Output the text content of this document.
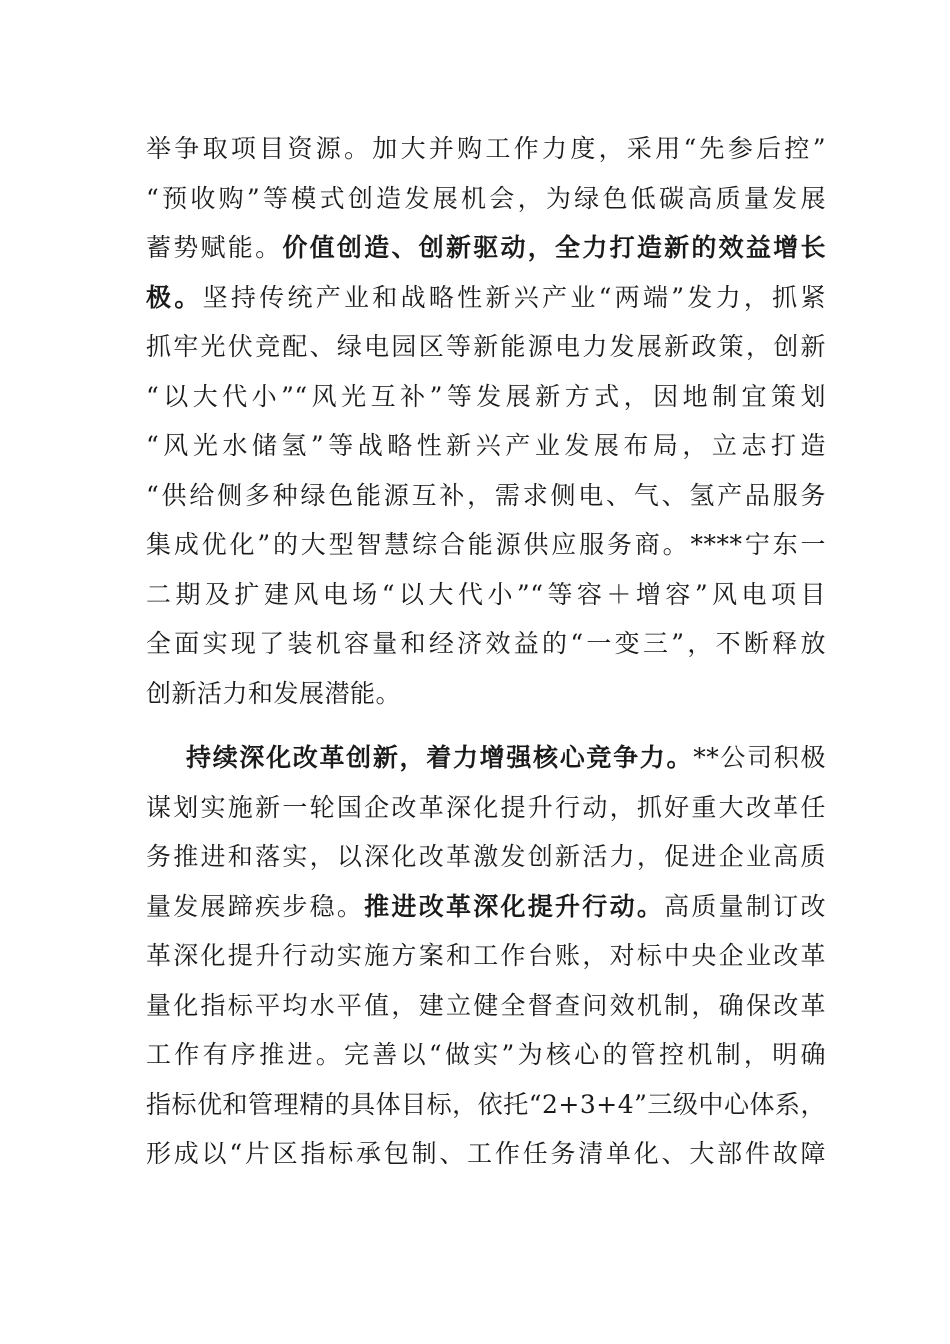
举争取项目资源。加大并购工作力度，采用“先参后控”
“预收购”等模式创造发展机会，为绿色低碳高质量发展
蓄势赋能。价值创造、创新驱动，全力打造新的效益增长
极。坚持传统产业和战略性新兴产业“两端”发力，抓紧
抓牢光伏竞配、绿电园区等新能源电力发展新政策，创新
“以大代小”“风光互补”等发展新方式，因地制宜策划
“风光水储氢”等战略性新兴产业发展布局，立志打造
“供给侧多种绿色能源互补，需求侧电、气、氢产品服务
集成优化”的大型智慧综合能源供应服务商。****宁东一
二期及扩建风电场“以大代小”“等容＋增容”风电项目
全面实现了装机容量和经济效益的“一变三”，不断释放
创新活力和发展潜能。
持续深化改革创新，着力增强核心竞争力。**公司积极
谋划实施新一轮国企改革深化提升行动，抓好重大改革任
务推进和落实，以深化改革激发创新活力，促进企业高质
量发展蹄疾步稳。推进改革深化提升行动。高质量制订改
革深化提升行动实施方案和工作台账，对标中央企业改革
量化指标平均水平值，建立健全督查问效机制，确保改革
工作有序推进。完善以“做实”为核心的管控机制，明确
指标优和管理精的具体目标，依托“2+3+4”三级中心体系，
形成以“片区指标承包制、工作任务清单化、大部件故障
